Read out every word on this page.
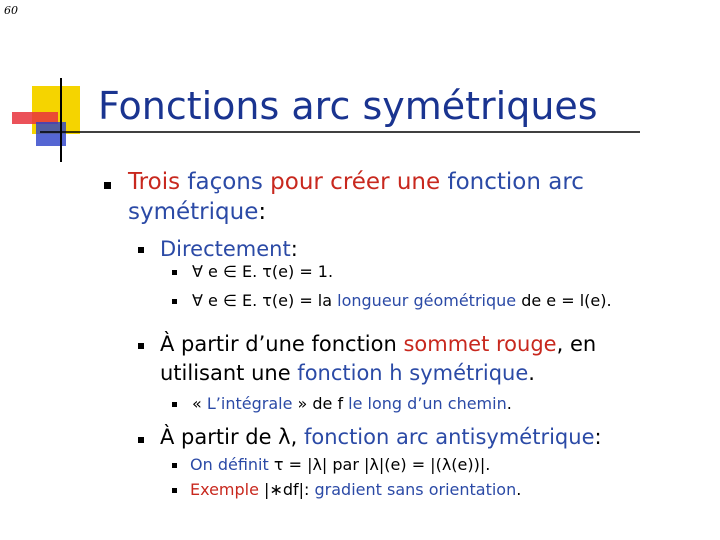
60
Fonctions arc symétriques
Trois façons pour créer une fonction arc
symétrique:
Directement:
∀ e ∈ E. τ(e) = 1.
∀ e ∈ E. τ(e) = la longueur géométrique de e = l(e).
À partir d’une fonction sommet rouge, en
utilisant une fonction h symétrique.
« L’intégrale » de f le long d’un chemin.
À partir de λ, fonction arc antisymétrique:
On définit τ = |λ| par |λ|(e) = |(λ(e))|.
Exemple |∗df|: gradient sans orientation.
